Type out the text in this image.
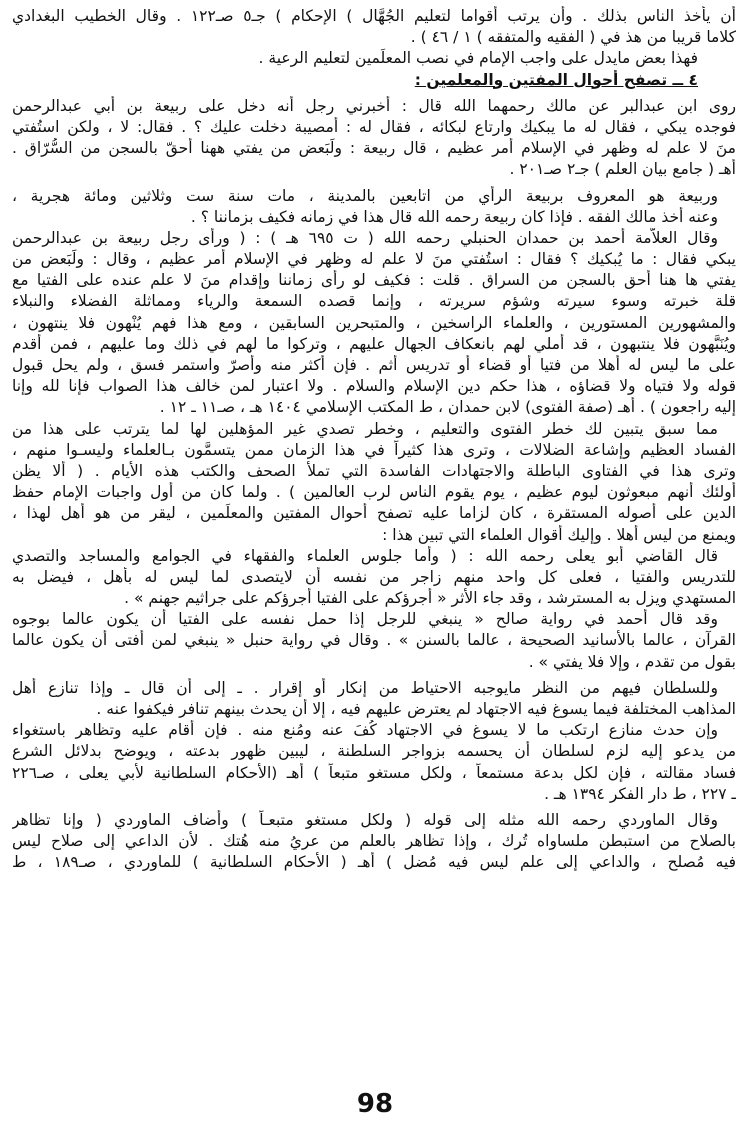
أن يأخذ الناس بذلك . وأن يرتب أقواما لتعليم الجُهَّال ) الإحكام ) جـ٥ صـ١٢٢ . وقال الخطيب البغدادي
كلاما قريبا من هذ في ( الفقيه والمتفقه ) ١ / ٤٦ ) .
فهذا بعض مايدل على واجب الإمام في نصب المعلِّمين لتعليم الرعية .
٤ ــ تصفح أحوال المفتين والمعلمين :
روى ابن عبدالبر عن مالك رحمهما الله قال : أخبرني رجل أنه دخل على ربيعة بن أبي عبدالرحمن
فوجده يبكي ، فقال له ما يبكيك وارتاع لبكائه ، فقال له : أمصيبة دخلت عليك ؟ . فقال: لا ، ولكن استُفتي
منَ لا علم له وظهر في الإسلام أمر عظيم ، قال ربيعة : ولَبَعض من يفتي ههنا أحقّ بالسجن من السُّرّاق .
أهـ ( جامع بيان العلم ) جـ٢ صـ٢٠١ .
وربيعة هو المعروف بربيعة الرأي من اتابعين بالمدينة ، مات سنة ست وثلاثين ومائة هجرية ،
وعنه أخذ مالك الفقه . فإذا كان ربيعة رحمه الله قال هذا في زمانه فكيف بزماننا ؟ .
وقال العلاّمة أحمد بن حمدان الحنبلي رحمه الله ( ت ٦٩٥ هـ ) : ( ورأى رجل ربيعة بن عبدالرحمن
يبكي فقال : ما يُبكيك ؟ فقال : استُفتي منَ لا علم له وظهر في الإسلام أمر عظيم ، وقال : ولَبَعض من
يفتي ها هنا أحق بالسجن من السراق . قلت : فكيف لو رأى زماننا وإقدام منَ لا علم عنده على الفتيا مع
قلة خبرته وسوء سيرته وشؤم سريرته ، وإنما قصده السمعة والرياء ومماثلة الفضلاء والنبلاء
والمشهورين المستورين ، والعلماء الراسخين ، والمتبحرين السابقين ، ومع هذا فهم يُنْهون فلا ينتهون ،
ويُنَبَّهون فلا ينتبهون ، قد أملي لهم بانعكاف الجهال عليهم ، وتركوا ما لهم في ذلك وما عليهم ، فمن أقدم
على ما ليس له أهلا من فتيا أو قضاء أو تدريس أثم . فإن أكثر منه وأصرّ واستمر فسق ، ولم يحل قبول
قوله ولا فتياه ولا قضاؤه ، هذا حكم دين الإسلام والسلام . ولا اعتبار لمن خالف هذا الصواب فإنا لله وإنا
إليه راجعون ) . أهـ (صفة الفتوى) لابن حمدان ، ط المكتب الإسلامي ١٤٠٤ هـ ، صـ١١ ـ ١٢ .
مما سبق يتبين لك خطر الفتوى والتعليم ، وخطر تصدي غير المؤهلين لها لما يترتب على هذا من
الفساد العظيم وإشاعة الضلالات ، وترى هذا كثيراً في هذا الزمان ممن يتسمَّون بـالعلماء وليسـوا منهم ،
وترى هذا في الفتاوى الباطلة والاجتهادات الفاسدة التي تملأ الصحف والكتب هذه الأيام . ( ألا يظن
أولئك أنهم مبعوثون ليوم عظيم ، يوم يقوم الناس لرب العالمين ) . ولما كان من أول واجبات الإمام حفظ
الدين على أصوله المستقرة ، كان لزاما عليه تصفح أحوال المفتين والمعلِّمين ، ليقر من هو أهل لهذا ،
ويمنع من ليس أهلا . وإليك أقوال العلماء التي تبين هذا :
قال القاضي أبو يعلى رحمه الله : ( وأما جلوس العلماء والفقهاء في الجوامع والمساجد والتصدي
للتدريس والفتيا ، فعلى كل واحد منهم زاجر من نفسه أن لايتصدى لما ليس له بأهل ، فيضل به
المستهدي ويزل به المسترشد ، وقد جاء الأثر « أجرؤكم على الفتيا أجرؤكم على جراثيم جهنم » .
وقد قال أحمد في رواية صالح « ينبغي للرجل إذا حمل نفسه على الفتيا أن يكون عالما بوجوه
القرآن ، عالما بالأسانيد الصحيحة ، عالما بالسنن » . وقال في رواية حنبل « ينبغي لمن أفتى أن يكون عالما
بقول من تقدم ، وإلا فلا يفتي » .
وللسلطان فيهم من النظر مايوجبه الاحتياط من إنكار أو إقرار . ـ إلى أن قال ـ وإذا تنازع أهل
المذاهب المختلفة فيما يسوغ فيه الاجتهاد لم يعترض عليهم فيه ، إلا أن يحدث بينهم تنافر فيكفوا عنه .
وإن حدث منازع ارتكب ما لا يسوغ في الاجتهاد كُفَ عنه ومُنع منه . فإن أقام عليه وتظاهر باستغواء
من يدعو إليه لزم لسلطان أن يحسمه بزواجر السلطنة ، ليبين ظهور بدعته ، ويوضح بدلائل الشرع
فساد مقالته ، فإن لكل بدعة مستمعاً ، ولكل مستغو متبعاً ) أهـ (الأحكام السلطانية لأبي يعلى ، صـ٢٢٦
ـ ٢٢٧ ، ط دار الفكر ١٣٩٤ هـ .
وقال الماوردي رحمه الله مثله إلى قوله ( ولكل مستغو متبعـاً ) وأضاف الماوردي ( وإنا تظاهر
بالصلاح من استبطن ملساواه تُرك ، وإذا تظاهر بالعلم من عريُ منه هُتك . لأن الداعي إلى صلاح ليس
فيه مُصلح ، والداعي إلى علم ليس فيه مُضل ) أهـ ( الأحكام السلطانية ) للماوردي ، صـ١٨٩ ، ط
98
